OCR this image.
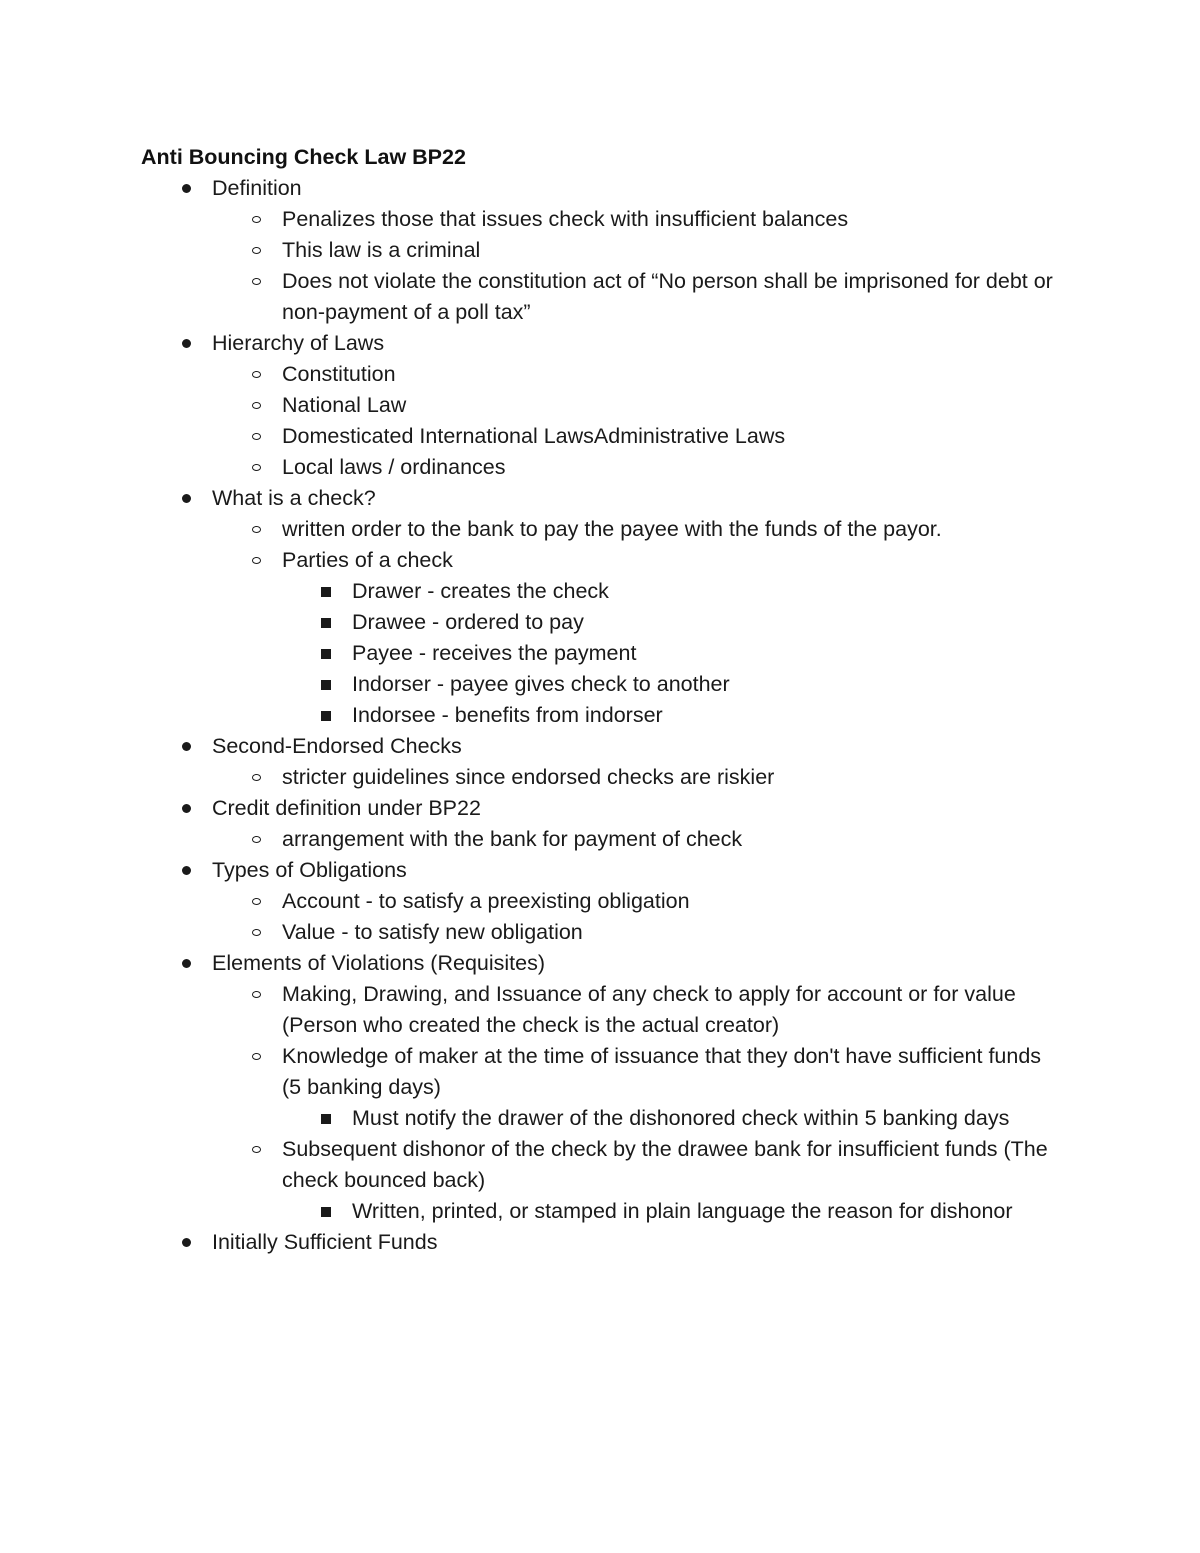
Anti Bouncing Check Law BP22
Definition
Penalizes those that issues check with insufficient balances
This law is a criminal
Does not violate the constitution act of “No person shall be imprisoned for debt or non-payment of a poll tax”
Hierarchy of Laws
Constitution
National Law
Domesticated International LawsAdministrative Laws
Local laws / ordinances
What is a check?
written order to the bank to pay the payee with the funds of the payor.
Parties of a check
Drawer - creates the check
Drawee - ordered to pay
Payee - receives the payment
Indorser - payee gives check to another
Indorsee - benefits from indorser
Second-Endorsed Checks
stricter guidelines since endorsed checks are riskier
Credit definition under BP22
arrangement with the bank for payment of check
Types of Obligations
Account - to satisfy a preexisting obligation
Value - to satisfy new obligation
Elements of Violations (Requisites)
Making, Drawing, and Issuance of any check to apply for account or for value (Person who created the check is the actual creator)
Knowledge of maker at the time of issuance that they don't have sufficient funds (5 banking days)
Must notify the drawer of the dishonored check within 5 banking days
Subsequent dishonor of the check by the drawee bank for insufficient funds (The check bounced back)
Written, printed, or stamped in plain language the reason for dishonor
Initially Sufficient Funds
